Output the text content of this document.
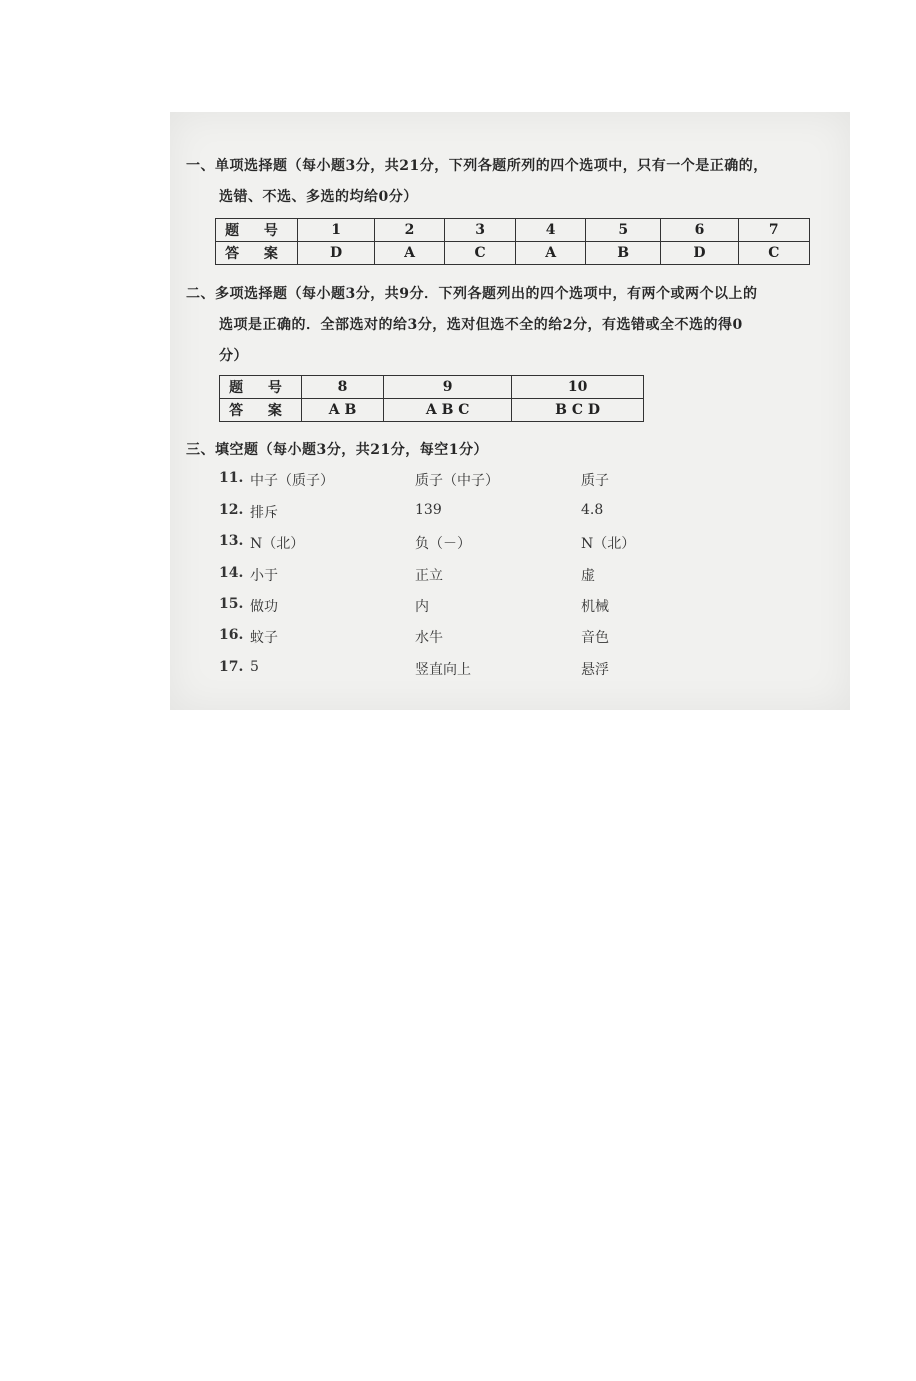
一、单项选择题（每小题3分，共21分，下列各题所列的四个选项中，只有一个是正确的，
选错、不选、多选的均给0分）
题 号	1	2	3	4	5	6	7
答 案	D	A	C	A	B	D	C
二、多项选择题（每小题3分，共9分．下列各题列出的四个选项中，有两个或两个以上的
选项是正确的．全部选对的给3分，选对但选不全的给2分，有选错或全不选的得0
分）
题 号	8	9	10
答 案	A B	A B C	B C D
三、填空题（每小题3分，共21分，每空1分）
11. 中子（质子）	质子（中子）	质子
12. 排斥	139	4.8
13. N（北）	负（－）	N（北）
14. 小于	正立	虚
15. 做功	内	机械
16. 蚊子	水牛	音色
17. 5	竖直向上	悬浮
